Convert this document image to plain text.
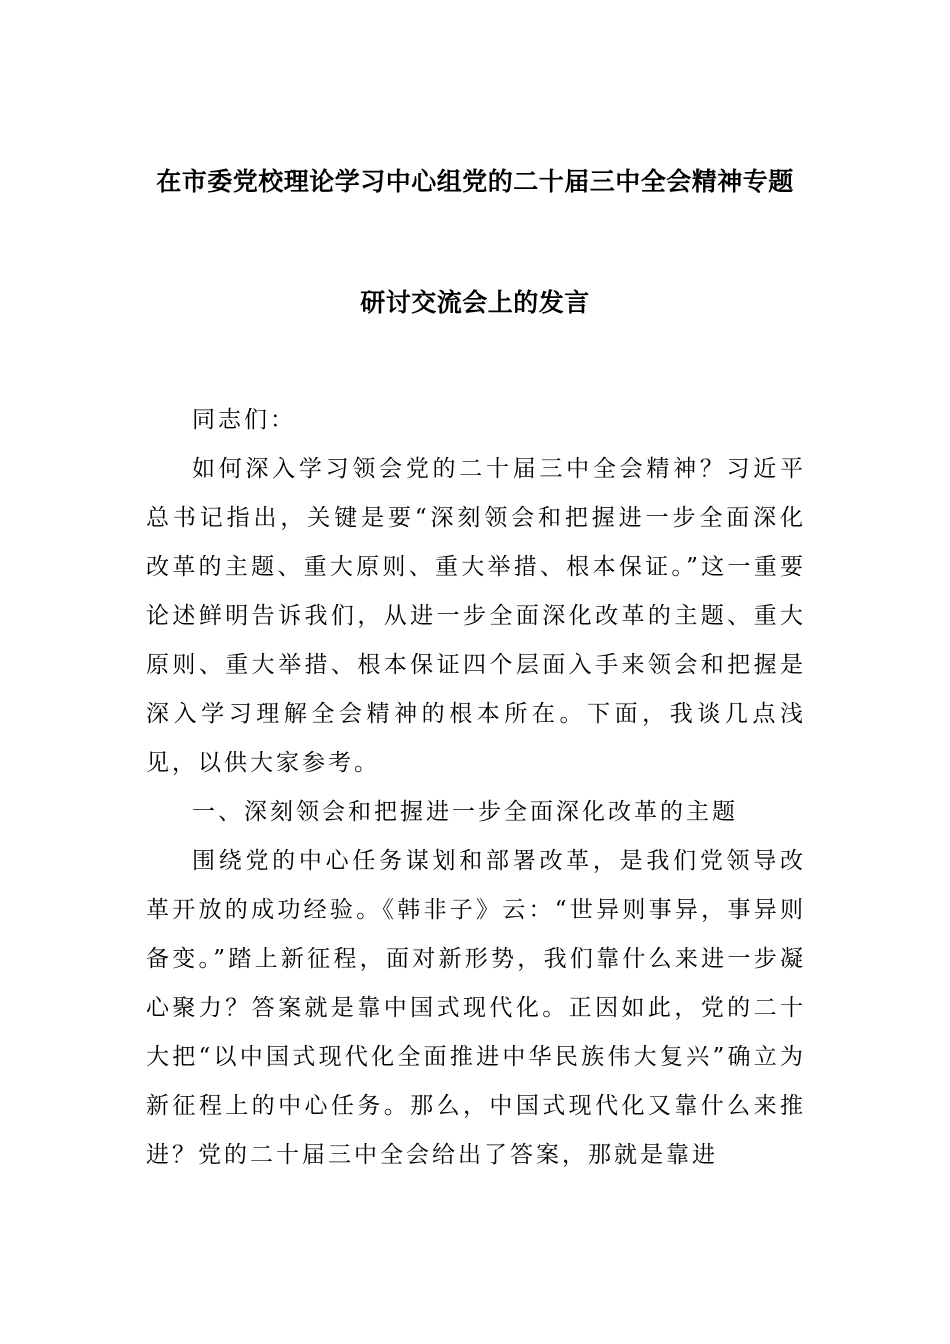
在市委党校理论学习中心组党的二十届三中全会精神专题
研讨交流会上的发言

同志们：

如何深入学习领会党的二十届三中全会精神？习近平总书记指出，关键是要“深刻领会和把握进一步全面深化改革的主题、重大原则、重大举措、根本保证。”这一重要论述鲜明告诉我们，从进一步全面深化改革的主题、重大原则、重大举措、根本保证四个层面入手来领会和把握是深入学习理解全会精神的根本所在。下面，我谈几点浅见，以供大家参考。

一、深刻领会和把握进一步全面深化改革的主题

围绕党的中心任务谋划和部署改革，是我们党领导改革开放的成功经验。《韩非子》云：“世异则事异，事异则备变。”踏上新征程，面对新形势，我们靠什么来进一步凝心聚力？答案就是靠中国式现代化。正因如此，党的二十大把“以中国式现代化全面推进中华民族伟大复兴”确立为新征程上的中心任务。那么，中国式现代化又靠什么来推进？党的二十届三中全会给出了答案，那就是靠进
